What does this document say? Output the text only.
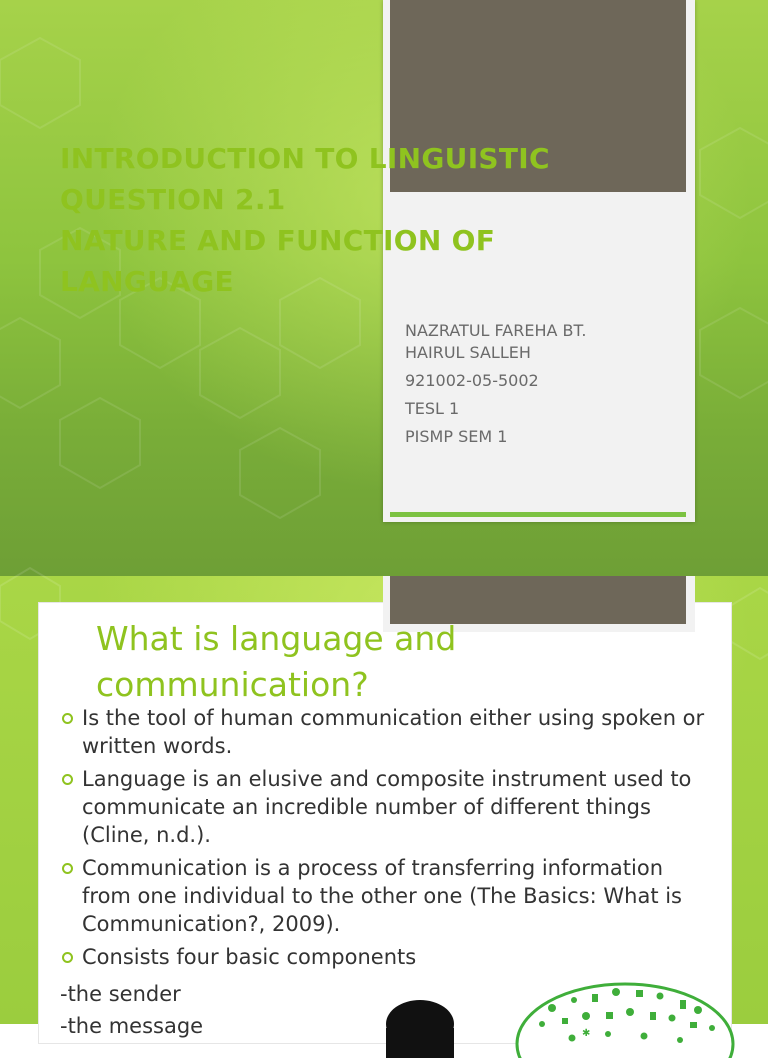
INTRODUCTION TO LINGUISTIC
QUESTION 2.1
NATURE AND FUNCTION OF
LANGUAGE
NAZRATUL FAREHA BT.
HAIRUL SALLEH
921002-05-5002
TESL 1
PISMP SEM 1
What is language and
communication?
Is the tool of human communication either using spoken or written words.
Language is an elusive and composite instrument used to communicate an incredible number of different things (Cline, n.d.).
Communication is a process of transferring information from one individual to the other one (The Basics: What is Communication?, 2009).
Consists four basic components
-the sender
-the message	✱
